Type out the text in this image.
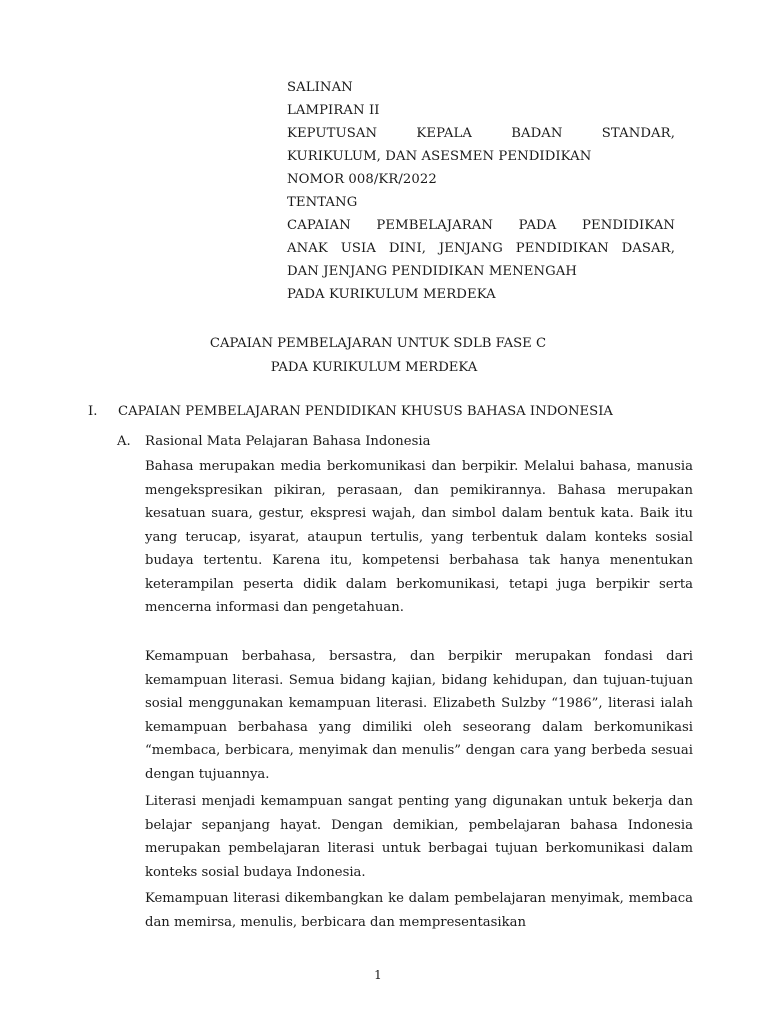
SALINAN
LAMPIRAN II
KEPUTUSAN KEPALA BADAN STANDAR,
KURIKULUM, DAN ASESMEN PENDIDIKAN
NOMOR 008/KR/2022
TENTANG
CAPAIAN PEMBELAJARAN PADA PENDIDIKAN
ANAK USIA DINI, JENJANG PENDIDIKAN DASAR,
DAN JENJANG PENDIDIKAN MENENGAH
PADA KURIKULUM MERDEKA
CAPAIAN PEMBELAJARAN UNTUK SDLB FASE C
PADA KURIKULUM MERDEKA
I. CAPAIAN PEMBELAJARAN PENDIDIKAN KHUSUS BAHASA INDONESIA
A. Rasional Mata Pelajaran Bahasa Indonesia

Bahasa merupakan media berkomunikasi dan berpikir. Melalui bahasa, manusia mengekspresikan pikiran, perasaan, dan pemikirannya. Bahasa merupakan kesatuan suara, gestur, ekspresi wajah, dan simbol dalam bentuk kata. Baik itu yang terucap, isyarat, ataupun tertulis, yang terbentuk dalam konteks sosial budaya tertentu. Karena itu, kompetensi berbahasa tak hanya menentukan keterampilan peserta didik dalam berkomunikasi, tetapi juga berpikir serta mencerna informasi dan pengetahuan.

Kemampuan berbahasa, bersastra, dan berpikir merupakan fondasi dari kemampuan literasi. Semua bidang kajian, bidang kehidupan, dan tujuan-tujuan sosial menggunakan kemampuan literasi. Elizabeth Sulzby “1986”, literasi ialah kemampuan berbahasa yang dimiliki oleh seseorang dalam berkomunikasi “membaca, berbicara, menyimak dan menulis” dengan cara yang berbeda sesuai dengan tujuannya.

Literasi menjadi kemampuan sangat penting yang digunakan untuk bekerja dan belajar sepanjang hayat. Dengan demikian, pembelajaran bahasa Indonesia merupakan pembelajaran literasi untuk berbagai tujuan berkomunikasi dalam konteks sosial budaya Indonesia.

Kemampuan literasi dikembangkan ke dalam pembelajaran menyimak, membaca dan memirsa, menulis, berbicara dan mempresentasikan

1
